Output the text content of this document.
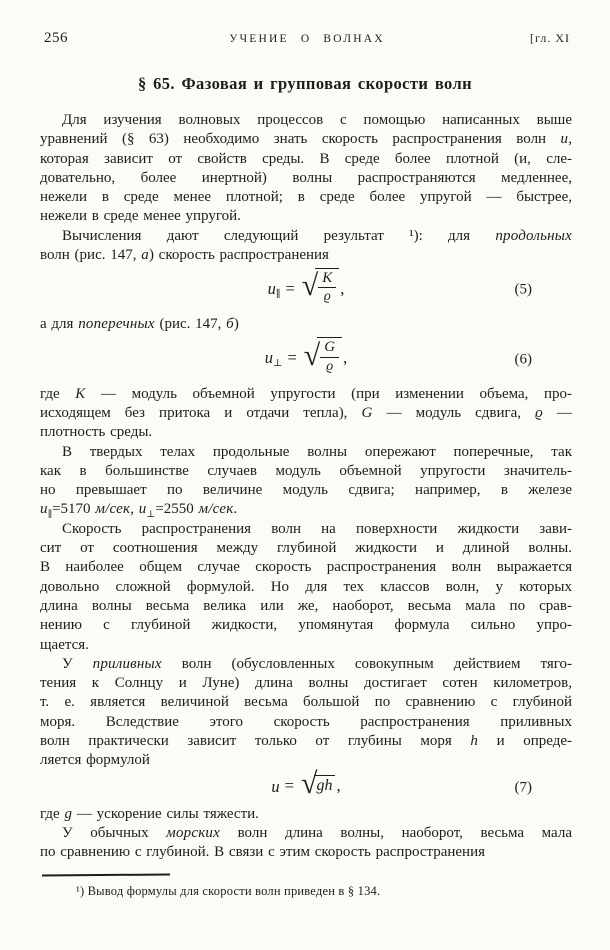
256	УЧЕНИЕ О ВОЛНАХ	[гл. XI
§ 65. Фазовая и групповая скорости волн
Для изучения волновых процессов с помощью написанных выше
уравнений (§ 63) необходимо знать скорость распространения волн u,
которая зависит от свойств среды. В среде более плотной (и, сле-
довательно, более инертной) волны распространяются медленнее,
нежели в среде менее плотной; в среде более упругой — быстрее,
нежели в среде менее упругой.
Вычисления дают следующий результат ¹): для продольных
волн (рис. 147, а) скорость распространения
$u_\parallel$ = √ $\frac{K}{ϱ}$ ,	(5)
а для поперечных (рис. 147, б)
$u_\perp$ = √ $\frac{G}{ϱ}$ ,	(6)
где K — модуль объемной упругости (при изменении объема, про-
исходящем без притока и отдачи тепла), G — модуль сдвига, ϱ —
плотность среды.
В твердых телах продольные волны опережают поперечные, так
как в большинстве случаев модуль объемной упругости значитель-
но превышает по величине модуль сдвига; например, в железе
$u_\parallel=5170$ м/сек, $u_\perp=2550$ м/сек.
Скорость распространения волн на поверхности жидкости зави-
сит от соотношения между глубиной жидкости и длиной волны.
В наиболее общем случае скорость распространения волн выражается
довольно сложной формулой. Но для тех классов волн, у которых
длина волны весьма велика или же, наоборот, весьма мала по срав-
нению с глубиной жидкости, упомянутая формула сильно упро-
щается.
У приливных волн (обусловленных совокупным действием тяго-
тения к Солнцу и Луне) длина волны достигает сотен километров,
т. е. является величиной весьма большой по сравнению с глубиной
моря. Вследствие этого скорость распространения приливных
волн практически зависит только от глубины моря h и опреде-
ляется формулой
u = √gh ,	(7)
где g — ускорение силы тяжести.
У обычных морских волн длина волны, наоборот, весьма мала
по сравнению с глубиной. В связи с этим скорость распространения
¹) Вывод формулы для скорости волн приведен в § 134.
